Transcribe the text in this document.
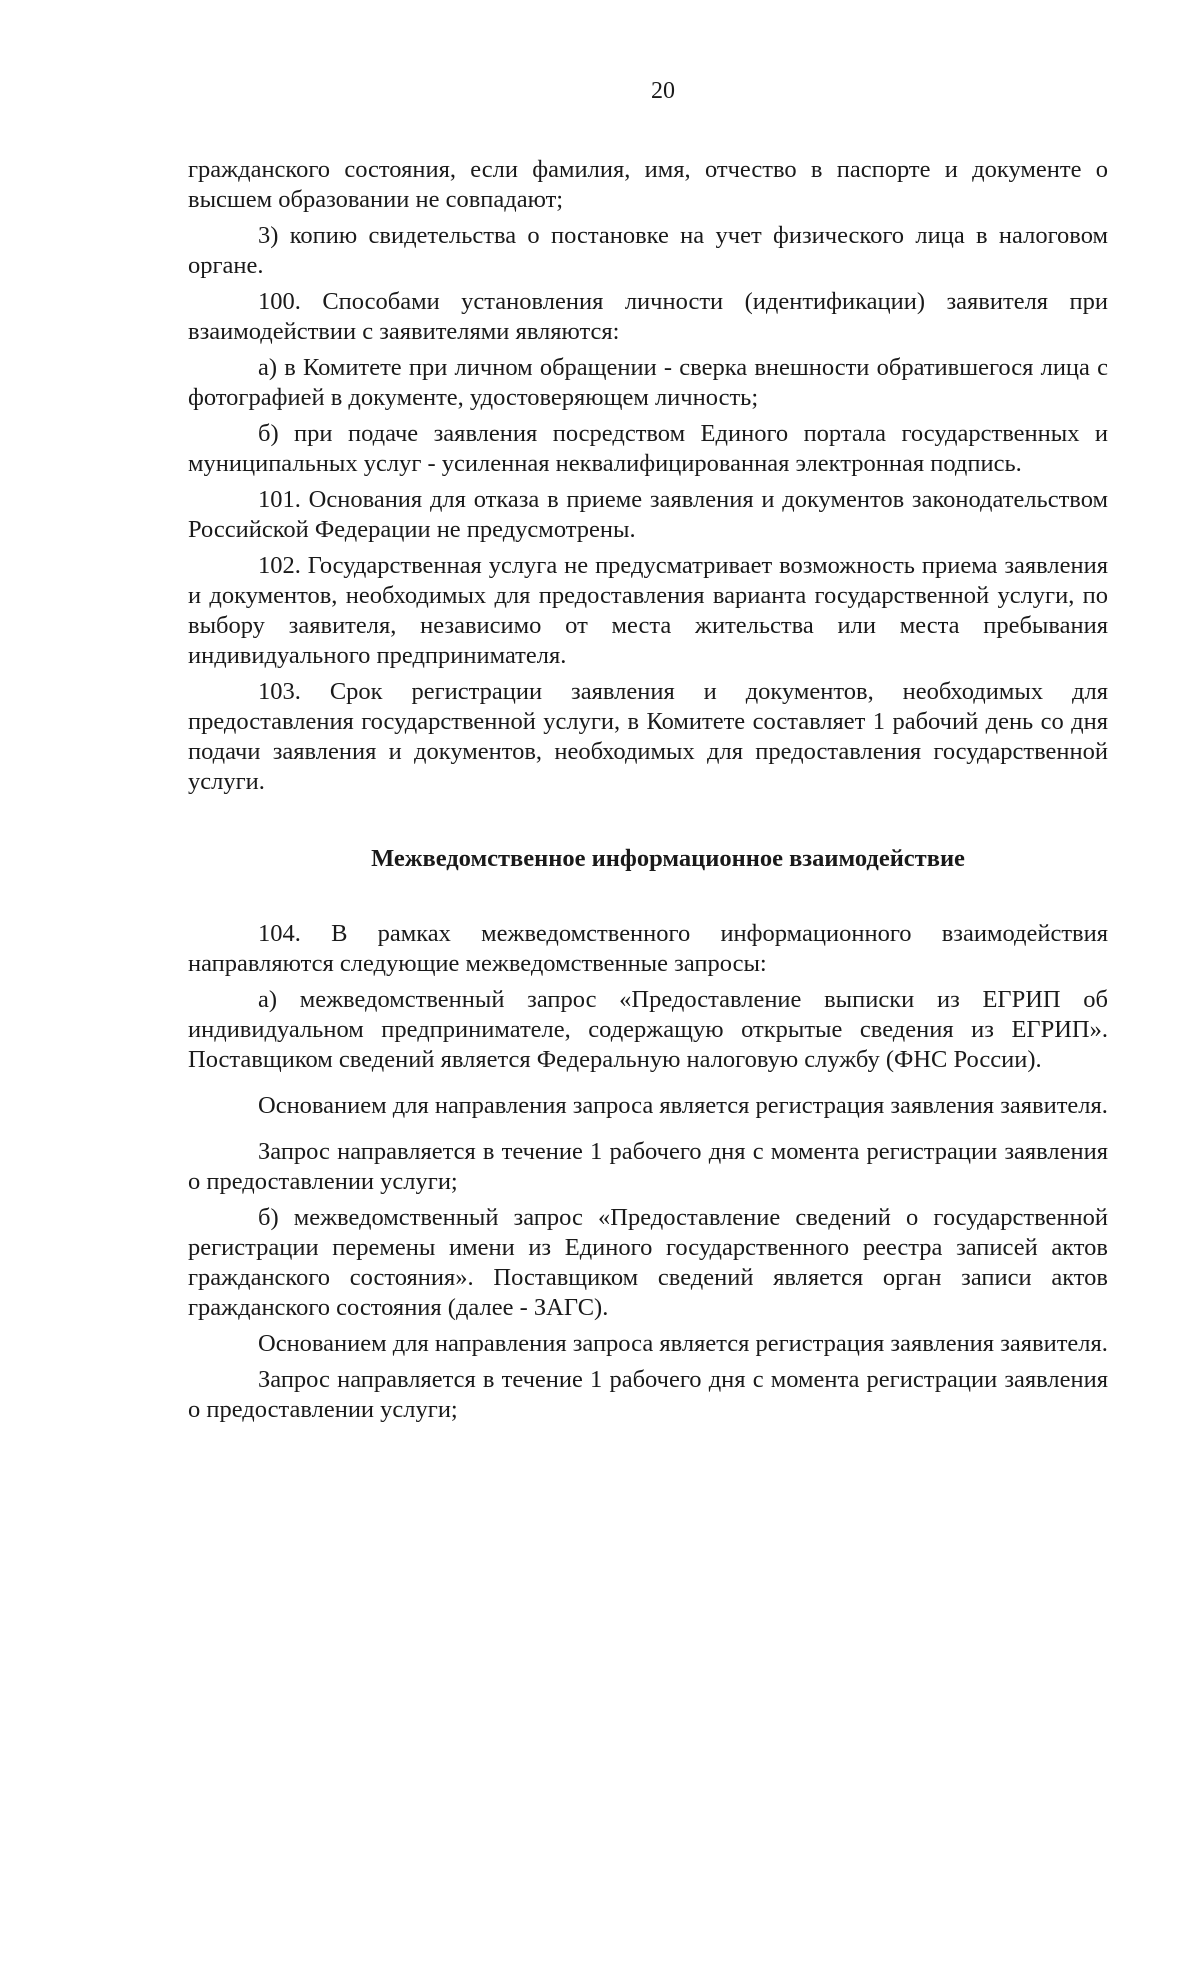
20

гражданского состояния, если фамилия, имя, отчество в паспорте и документе о высшем образовании не совпадают;

3) копию свидетельства о постановке на учет физического лица в налоговом органе.

100. Способами установления личности (идентификации) заявителя при взаимодействии с заявителями являются:

а) в Комитете при личном обращении - сверка внешности обратившегося лица с фотографией в документе, удостоверяющем личность;

б) при подаче заявления посредством Единого портала государственных и муниципальных услуг - усиленная неквалифицированная электронная подпись.

101. Основания для отказа в приеме заявления и документов законодательством Российской Федерации не предусмотрены.

102. Государственная услуга не предусматривает возможность приема заявления и документов, необходимых для предоставления варианта государственной услуги, по выбору заявителя, независимо от места жительства или места пребывания индивидуального предпринимателя.

103. Срок регистрации заявления и документов, необходимых для предоставления государственной услуги, в Комитете составляет 1 рабочий день со дня подачи заявления и документов, необходимых для предоставления государственной услуги.

Межведомственное информационное взаимодействие

104. В рамках межведомственного информационного взаимодействия направляются следующие межведомственные запросы:

а) межведомственный запрос «Предоставление выписки из ЕГРИП об индивидуальном предпринимателе, содержащую открытые сведения из ЕГРИП». Поставщиком сведений является Федеральную налоговую службу (ФНС России).

Основанием для направления запроса является регистрация заявления заявителя.

Запрос направляется в течение 1 рабочего дня с момента регистрации заявления о предоставлении услуги;

б) межведомственный запрос «Предоставление сведений о государственной регистрации перемены имени из Единого государственного реестра записей актов гражданского состояния». Поставщиком сведений является орган записи актов гражданского состояния (далее - ЗАГС).

Основанием для направления запроса является регистрация заявления заявителя.

Запрос направляется в течение 1 рабочего дня с момента регистрации заявления о предоставлении услуги;
